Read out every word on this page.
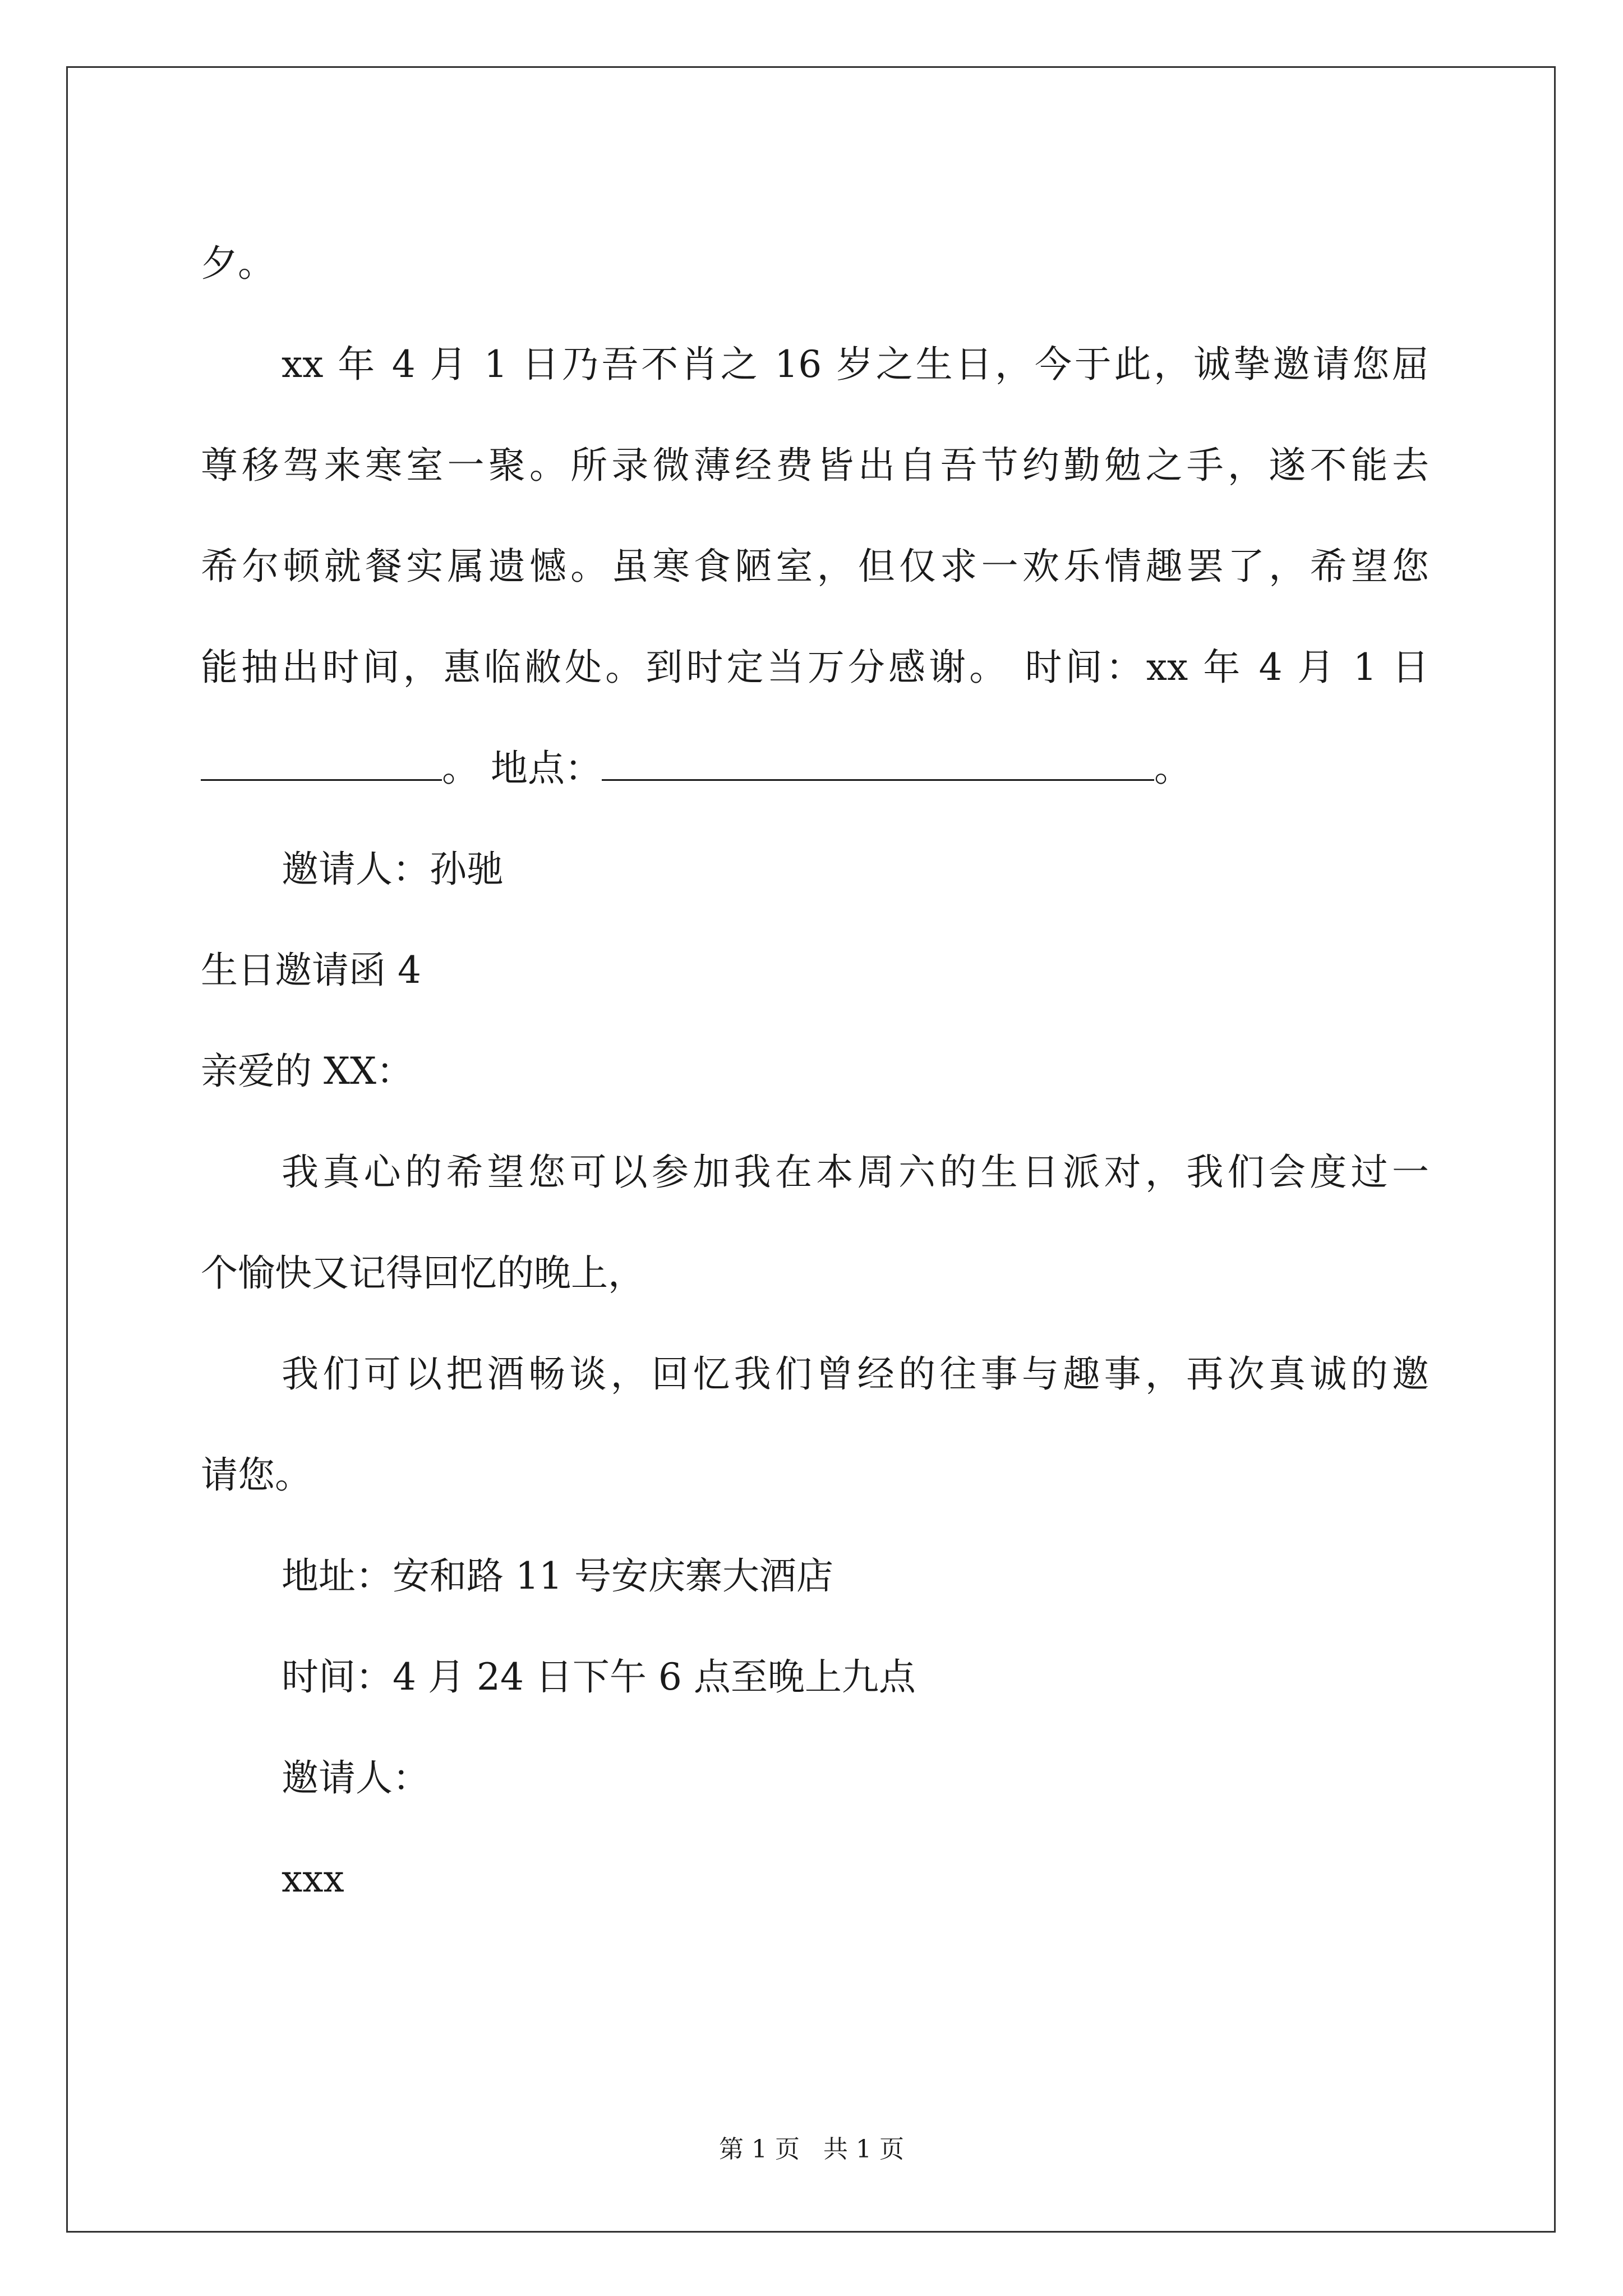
夕。
xx 年 4 月 1 日乃吾不肖之 16 岁之生日，今于此，诚挚邀请您屈
尊移驾来寒室一聚。所录微薄经费皆出自吾节约勤勉之手，遂不能去
希尔顿就餐实属遗憾。虽寒食陋室，但仅求一欢乐情趣罢了，希望您
能抽出时间，惠临敝处。到时定当万分感谢。 时间：xx 年 4 月 1 日
。 地点：	。
邀请人：孙驰
生日邀请函 4
亲爱的 XX：
我真心的希望您可以参加我在本周六的生日派对，我们会度过一
个愉快又记得回忆的晚上，
我们可以把酒畅谈，回忆我们曾经的往事与趣事，再次真诚的邀
请您。
地址：安和路 11 号安庆寨大酒店
时间：4 月 24 日下午 6 点至晚上九点
邀请人：
xxx
第 1 页 共 1 页
